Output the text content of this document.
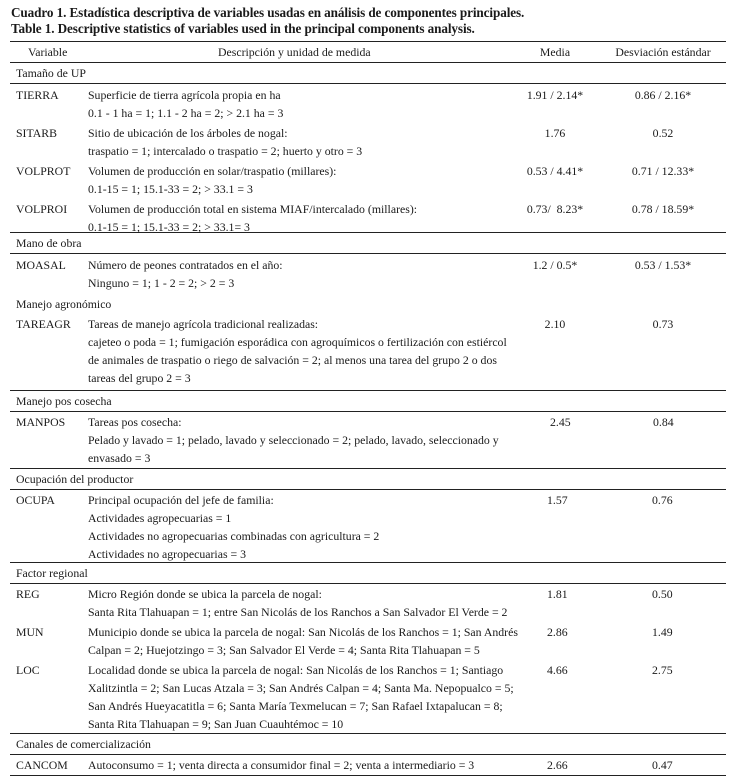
Cuadro 1. Estadística descriptiva de variables usadas en análisis de componentes principales.
Table 1. Descriptive statistics of variables used in the principal components analysis.
Variable	Descripción y unidad de medida	Media	Desviación estándar
Tamaño de UP
TIERRA Superficie de tierra agrícola propia en ha
0.1 - 1 ha = 1; 1.1 - 2 ha = 2; > 2.1 ha = 3
1.91 / 2.14*	0.86 / 2.16*
SITARB	Sitio de ubicación de los árboles de nogal:
traspatio = 1; intercalado o traspatio = 2; huerto y otro = 3
1.76	0.52
VOLPROT Volumen de producción en solar/traspatio (millares):
0.1-15 = 1; 15.1-33 = 2; > 33.1 = 3
0.53 / 4.41*	0.71 / 12.33*
VOLPROI Volumen de producción total en sistema MIAF/intercalado (millares):
0.1-15 = 1; 15.1-33 = 2; > 33.1= 3
0.73/  8.23*	0.78 / 18.59*
Mano de obra
MOASAL Número de peones contratados en el año:
Ninguno = 1; 1 - 2 = 2; > 2 = 3
1.2 / 0.5*	0.53 / 1.53*
Manejo agronómico
TAREAGR Tareas de manejo agrícola tradicional realizadas:
cajeteo o poda = 1; fumigación esporádica con agroquímicos o fertilización con estiércol
de animales de traspatio o riego de salvación = 2; al menos una tarea del grupo 2 o dos
tareas del grupo 2 = 3
2.10	0.73
Manejo pos cosecha
MANPOS Tareas pos cosecha:
Pelado y lavado = 1; pelado, lavado y seleccionado = 2; pelado, lavado, seleccionado y
envasado = 3
2.45	0.84
Ocupación del productor
OCUPA	Principal ocupación del jefe de familia:
Actividades agropecuarias = 1
Actividades no agropecuarias combinadas con agricultura = 2
Actividades no agropecuarias = 3
1.57	0.76
Factor regional
REG	Micro Región donde se ubica la parcela de nogal:
Santa Rita Tlahuapan = 1; entre San Nicolás de los Ranchos a San Salvador El Verde = 2
1.81	0.50
MUN	Municipio donde se ubica la parcela de nogal: San Nicolás de los Ranchos = 1; San Andrés
Calpan = 2; Huejotzingo = 3; San Salvador El Verde = 4; Santa Rita Tlahuapan = 5
2.86	1.49
LOC	Localidad donde se ubica la parcela de nogal: San Nicolás de los Ranchos = 1; Santiago
Xalitzintla = 2; San Lucas Atzala = 3; San Andrés Calpan = 4; Santa Ma. Nepopualco = 5;
San Andrés Hueyacatitla = 6; Santa María Texmelucan = 7; San Rafael Ixtapalucan = 8;
Santa Rita Tlahuapan = 9; San Juan Cuauhtémoc = 10
4.66	2.75
Canales de comercialización
CANCOM Autoconsumo = 1; venta directa a consumidor final = 2; venta a intermediario = 3	2.66	0.47
